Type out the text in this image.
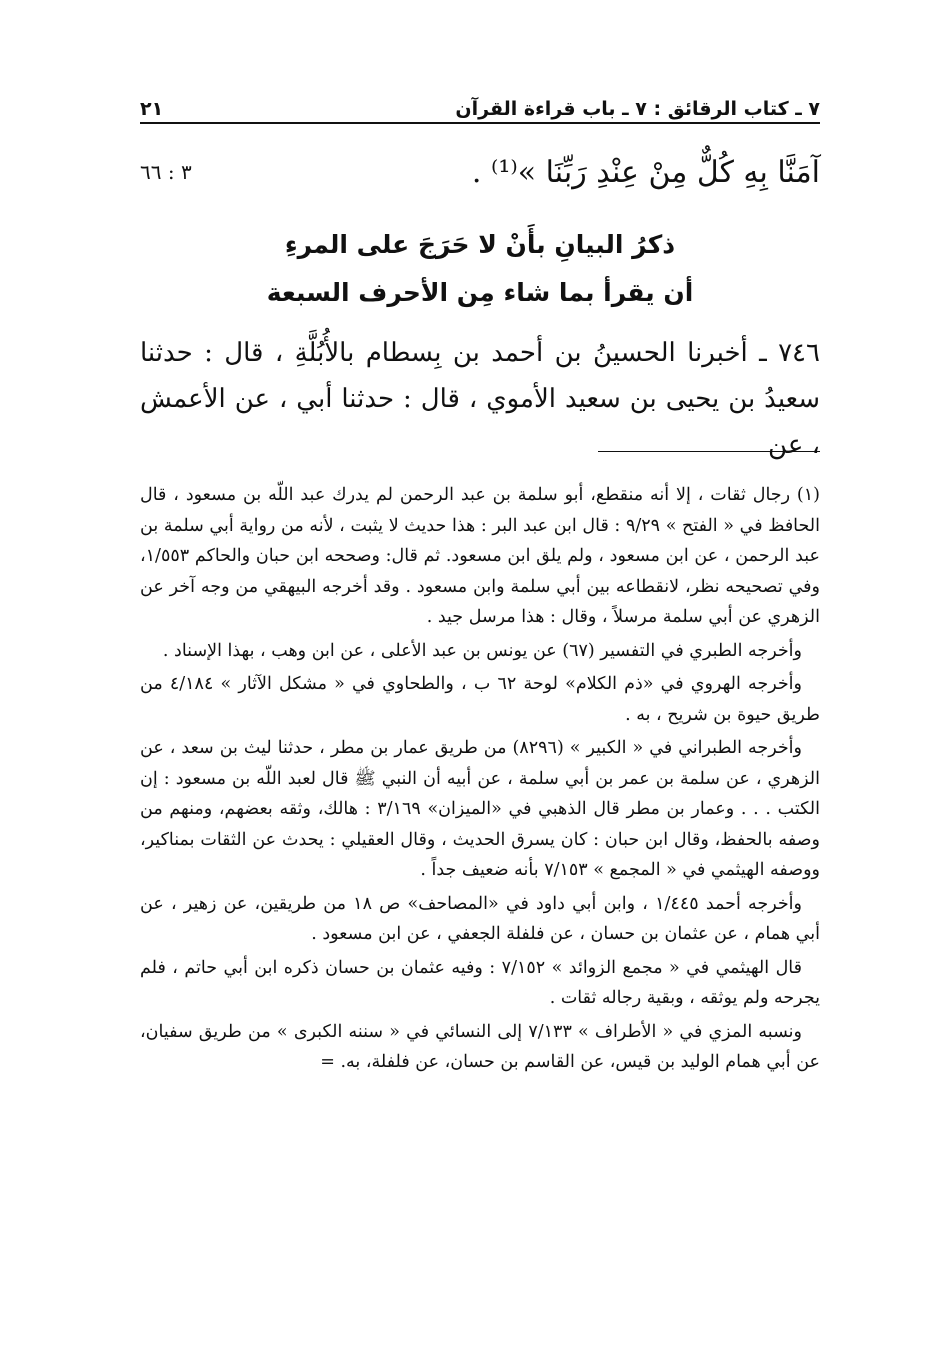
٧ ـ كتاب الرقائق : ٧ ـ باب قراءة القرآن
٢١
آمَنَّا بِهِ كُلٌّ مِنْ عِنْدِ رَبِّنَا »⁽¹⁾ .
٣ : ٦٦
ذكرُ البيانِ بأَنْ لا حَرَجَ على المرءِ
أن يقرأ بما شاء مِن الأحرف السبعة

٧٤٦ ـ أخبرنا الحسينُ بن أحمد بن بِسطام بالأُبُلَّةِ ، قال : حدثنا سعيدُ بن يحيى بن سعيد الأموي ، قال : حدثنا أبي ، عن الأعمش ، عن

(١) رجال ثقات ، إلا أنه منقطع، أبو سلمة بن عبد الرحمن لم يدرك عبد اللّه بن مسعود ، قال الحافظ في « الفتح » ٩/٢٩ : قال ابن عبد البر : هذا حديث لا يثبت ، لأنه من رواية أبي سلمة بن عبد الرحمن ، عن ابن مسعود ، ولم يلق ابن مسعود. ثم قال: وصححه ابن حبان والحاكم ١/٥٥٣، وفي تصحيحه نظر، لانقطاعه بين أبي سلمة وابن مسعود . وقد أخرجه البيهقي من وجه آخر عن الزهري عن أبي سلمة مرسلاً ، وقال : هذا مرسل جيد .

وأخرجه الطبري في التفسير (٦٧) عن يونس بن عبد الأعلى ، عن ابن وهب ، بهذا الإسناد .

وأخرجه الهروي في «ذم الكلام» لوحة ٦٢ ب ، والطحاوي في « مشكل الآثار » ٤/١٨٤ من طريق حيوة بن شريح ، به .

وأخرجه الطبراني في « الكبير » (٨٢٩٦) من طريق عمار بن مطر ، حدثنا ليث بن سعد ، عن الزهري ، عن سلمة بن عمر بن أبي سلمة ، عن أبيه أن النبي ﷺ قال لعبد اللّه بن مسعود : إن الكتب . . . وعمار بن مطر قال الذهبي في «الميزان» ٣/١٦٩ : هالك، وثقه بعضهم، ومنهم من وصفه بالحفظ، وقال ابن حبان : كان يسرق الحديث ، وقال العقيلي : يحدث عن الثقات بمناكير، ووصفه الهيثمي في « المجمع » ٧/١٥٣ بأنه ضعيف جداً .

وأخرجه أحمد ١/٤٤٥ ، وابن أبي داود في «المصاحف» ص ١٨ من طريقين، عن زهير ، عن أبي همام ، عن عثمان بن حسان ، عن فلفلة الجعفي ، عن ابن مسعود .

قال الهيثمي في « مجمع الزوائد » ٧/١٥٢ : وفيه عثمان بن حسان ذكره ابن أبي حاتم ، فلم يجرحه ولم يوثقه ، وبقية رجاله ثقات .

ونسبه المزي في « الأطراف » ٧/١٣٣ إلى النسائي في « سننه الكبرى » من طريق سفيان، عن أبي همام الوليد بن قيس، عن القاسم بن حسان، عن فلفلة، به. =
